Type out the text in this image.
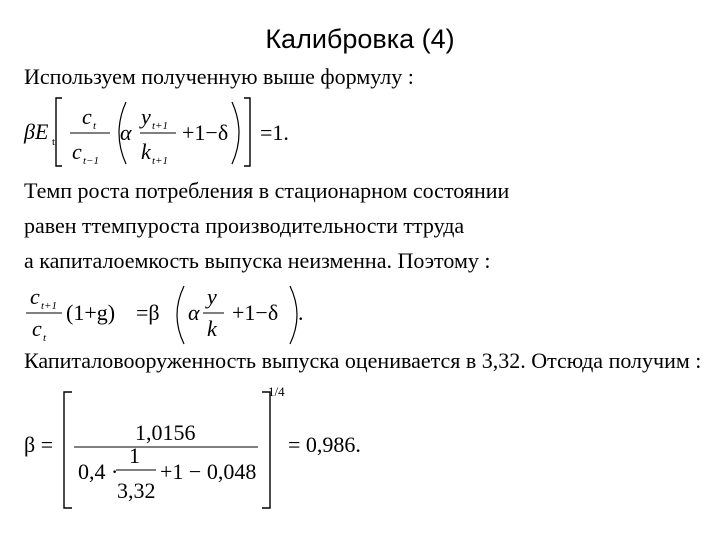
Калибровка (4)
Используем полученную выше формулу :
Темп роста потребления в стационарном состоянии
равен ттемпуроста производительности ттруда
а капиталоемкость выпуска неизменна. Поэтому :
Капиталовооруженность выпуска оценивается в 3,32. Отсюда получим :
βE t
c t
c t−1
α
y t+1
k t+1
+1−δ =1.
c t+1
c t
(1+g) =β α
y
k
+1−δ .
β =	1,0156
0,4 ·
1
3,32
+1 − 0,048
1/4
= 0,986.
